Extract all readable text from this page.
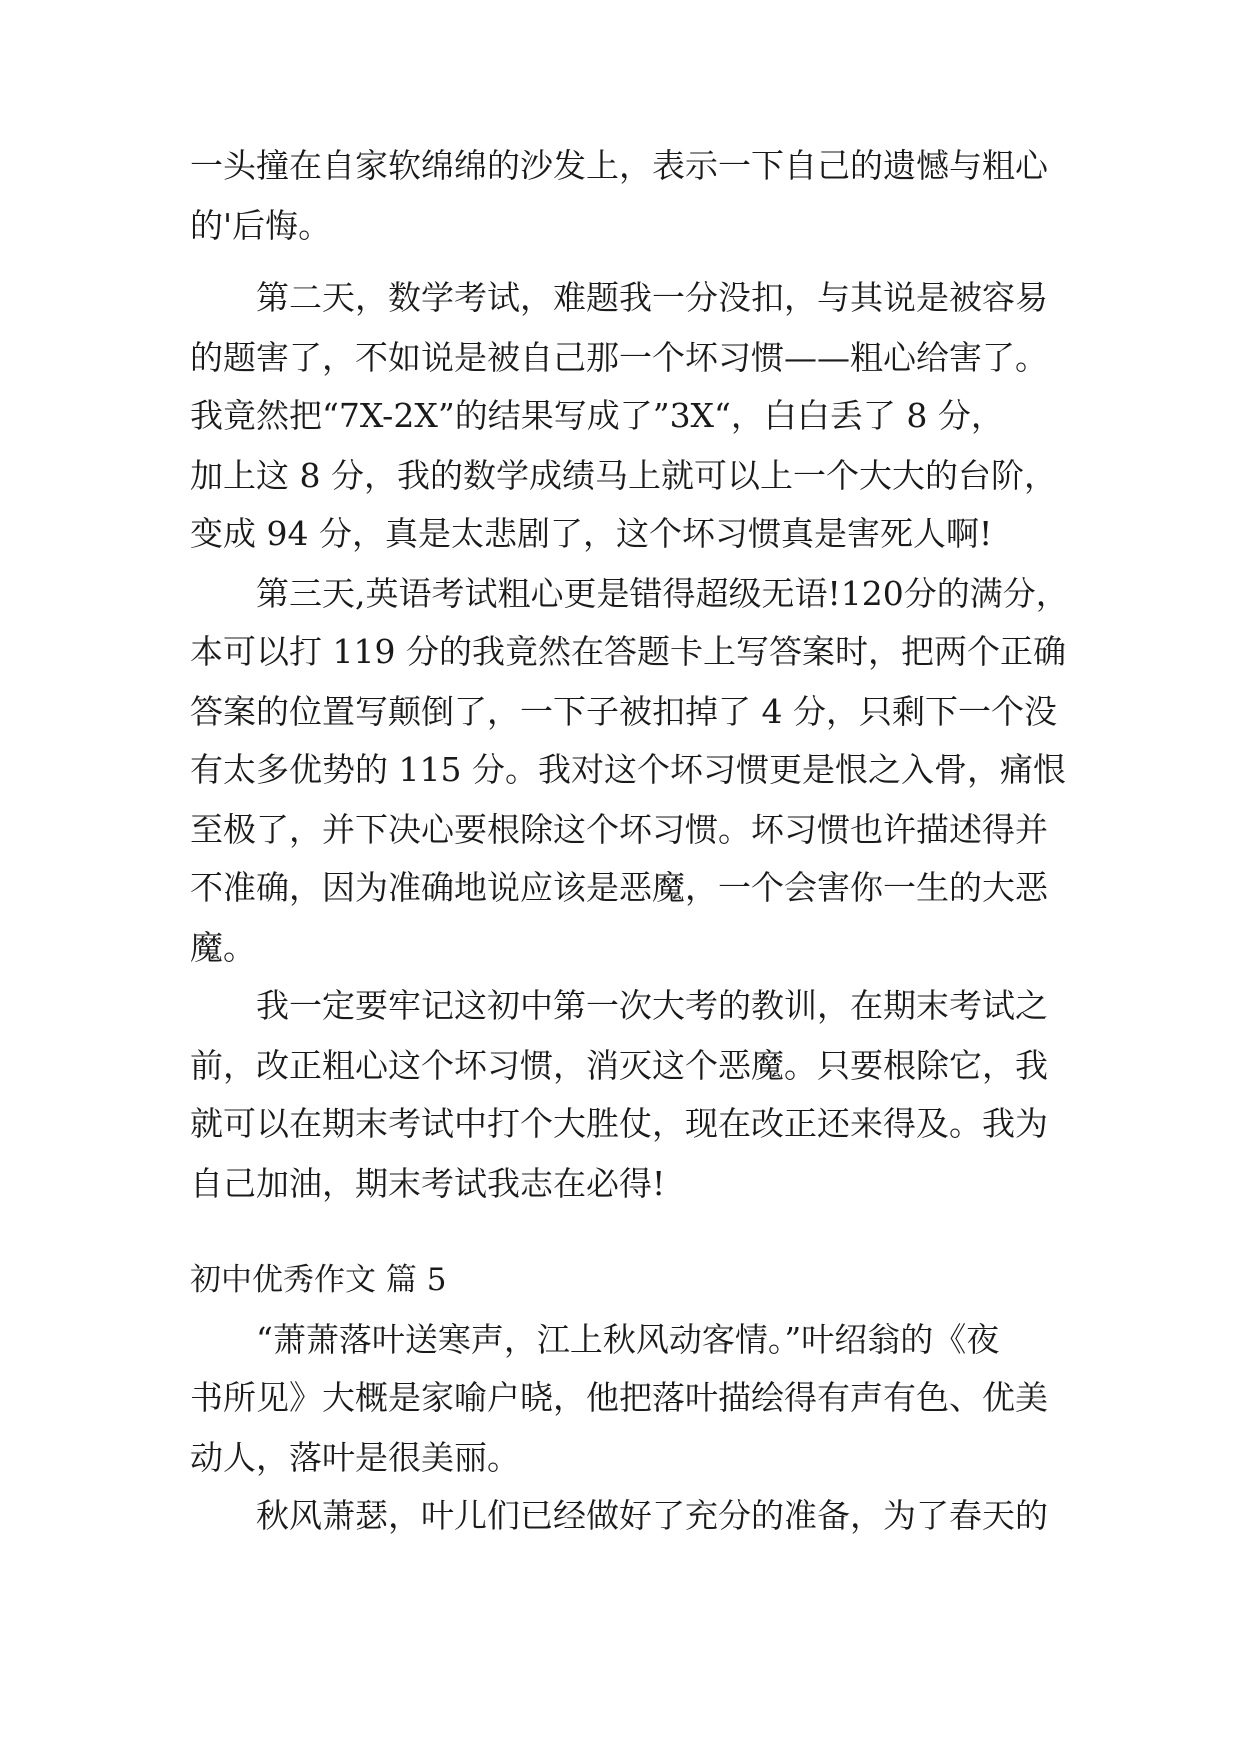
一头撞在自家软绵绵的沙发上，表示一下自己的遗憾与粗心
的'后悔。
第二天，数学考试，难题我一分没扣，与其说是被容易
的题害了，不如说是被自己那一个坏习惯——粗心给害了。
我竟然把“7X-2X”的结果写成了”3X“，白白丢了 8 分，
加上这 8 分，我的数学成绩马上就可以上一个大大的台阶，
变成 94 分，真是太悲剧了，这个坏习惯真是害死人啊!
第三天,英语考试粗心更是错得超级无语!120分的满分，
本可以打 119 分的我竟然在答题卡上写答案时，把两个正确
答案的位置写颠倒了，一下子被扣掉了 4 分，只剩下一个没
有太多优势的 115 分。我对这个坏习惯更是恨之入骨，痛恨
至极了，并下决心要根除这个坏习惯。坏习惯也许描述得并
不准确，因为准确地说应该是恶魔，一个会害你一生的大恶
魔。
我一定要牢记这初中第一次大考的教训，在期末考试之
前，改正粗心这个坏习惯，消灭这个恶魔。只要根除它，我
就可以在期末考试中打个大胜仗，现在改正还来得及。我为
自己加油，期末考试我志在必得!
初中优秀作文 篇 5
“萧萧落叶送寒声，江上秋风动客情。”叶绍翁的《夜
书所见》大概是家喻户晓，他把落叶描绘得有声有色、优美
动人，落叶是很美丽。
秋风萧瑟，叶儿们已经做好了充分的准备，为了春天的
